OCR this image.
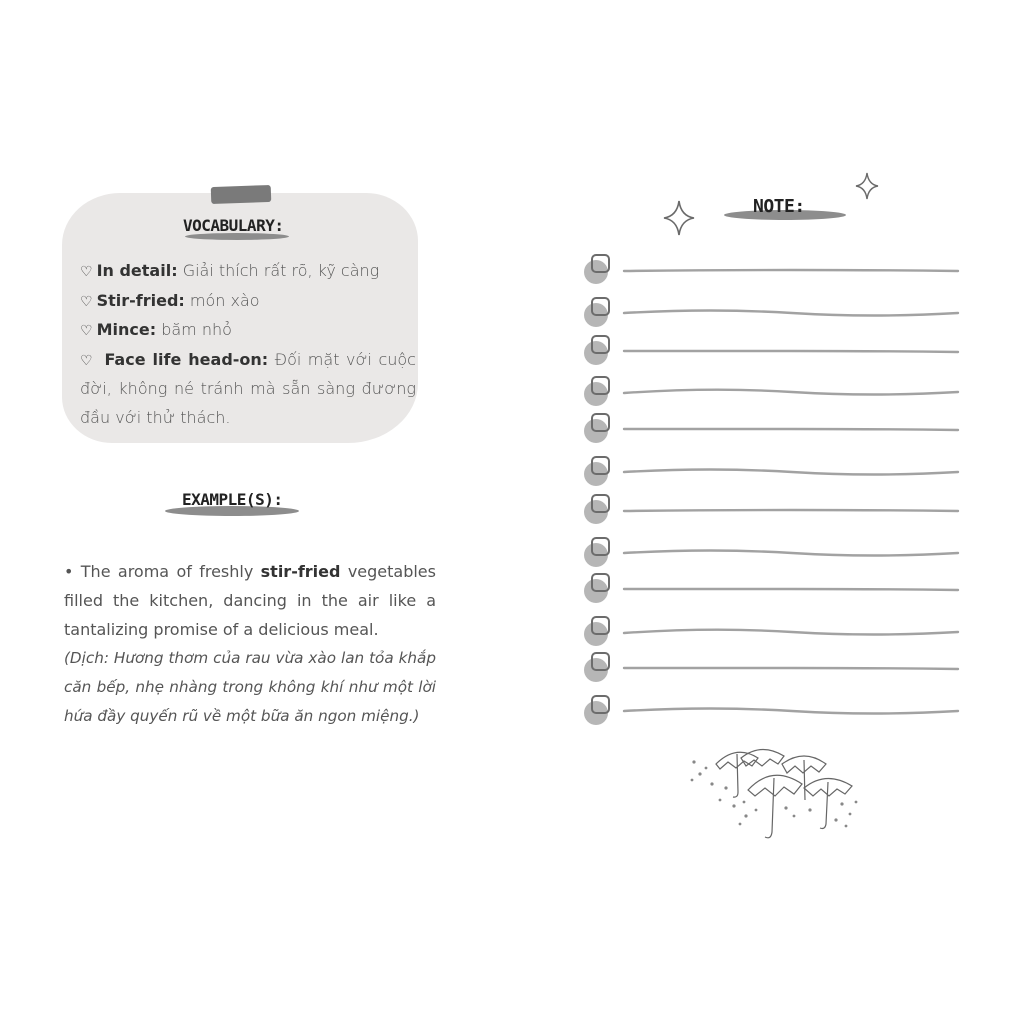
VOCABULARY:
♡ In detail: Giải thích rất rõ, kỹ càng
♡ Stir-fried: món xào
♡ Mince: băm nhỏ
♡ Face life head-on: Đối mặt với cuộc đời, không né tránh mà sẵn sàng đương đầu với thử thách.
EXAMPLE(S):

• The aroma of freshly stir-fried vegetables filled the kitchen, dancing in the air like a tantalizing promise of a delicious meal.

(Dịch: Hương thơm của rau vừa xào lan tỏa khắp căn bếp, nhẹ nhàng trong không khí như một lời hứa đầy quyến rũ về một bữa ăn ngon miệng.)

NOTE:
